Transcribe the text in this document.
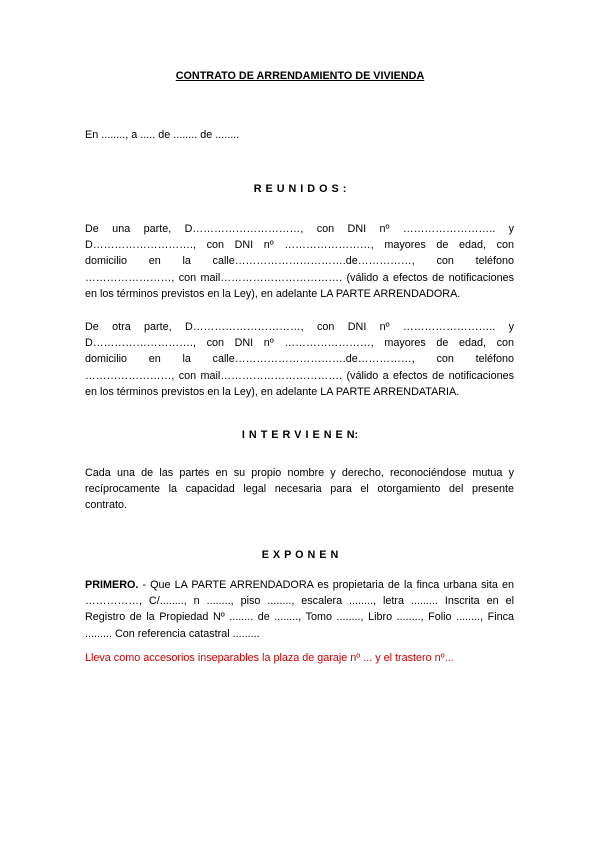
CONTRATO DE ARRENDAMIENTO DE VIVIENDA
En ........, a ..... de ........ de ........
R E U N I D O S :
De una parte, D…………………………, con DNI nº …………………….. y
D………………………., con DNI nº ……………………, mayores de edad, con
domicilio en la calle………………………….de……………, con teléfono
……………………, con mail……………………………. (válido a efectos de notificaciones
en los términos previstos en la Ley), en adelante LA PARTE ARRENDADORA.
De otra parte, D…………………………, con DNI nº …………………….. y
D………………………., con DNI nº ……………………, mayores de edad, con
domicilio en la calle………………………….de……………, con teléfono
……………………, con mail……………………………. (válido a efectos de notificaciones
en los términos previstos en la Ley), en adelante LA PARTE ARRENDATARIA.
I N T E R V I E N E N:
Cada una de las partes en su propio nombre y derecho, reconociéndose mutua y
recíprocamente la capacidad legal necesaria para el otorgamiento del presente
contrato.
E X P O N E N
PRIMERO. - Que LA PARTE ARRENDADORA es propietaria de la finca urbana sita en
……………, C/........, n ........, piso ........, escalera ........, letra ......... Inscrita en el
Registro de la Propiedad Nº ........ de ........, Tomo ........, Libro ........, Folio ........, Finca
......... Con referencia catastral .........
Lleva como accesorios inseparables la plaza de garaje nº ... y el trastero nº...
